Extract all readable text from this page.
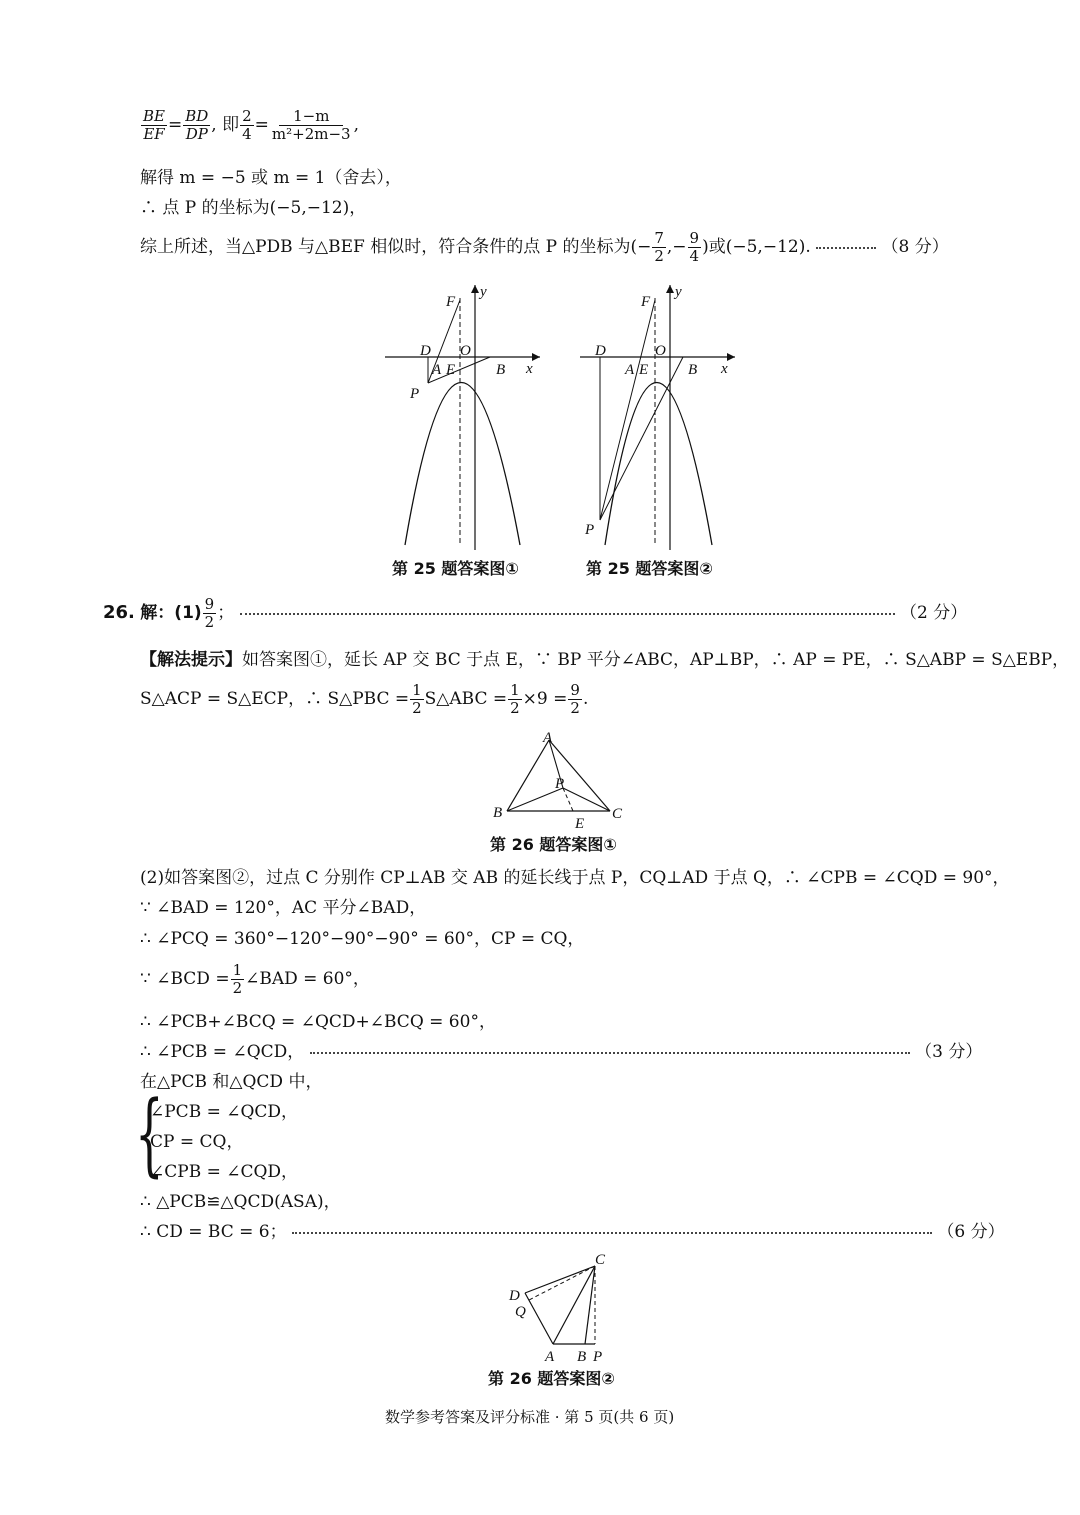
$\frac{BE}{EF} = \frac{BD}{DP}$ , 即 $\frac{2}{4} = \frac{1-m}{\text{m²+2m−3}}$ ,
解得 m = −5 或 m = 1（舍去），
∴ 点 P 的坐标为(−5,−12)，
综上所述，当△PDB 与△BEF 相似时，符合条件的点 P 的坐标为(− $\frac{7}{2}$ ,− $\frac{9}{4}$ )或(−5,−12).	（8 分）
F
y
D O
A E	B x
P
第 25 题答案图①
F
y
D	O
A E	B x
P
第 25 题答案图②
26. 解：$(1) \frac{9}{2}$ ；	（2 分）
【解法提示】如答案图①，延长 AP 交 BC 于点 E，∵ BP 平分∠ABC，AP⊥BP，∴ AP = PE，∴ S△ABP = S△EBP，
S△ACP = S△ECP，∴ S△PBC = $\frac{1}{2}$ S△ABC = $\frac{1}{2} \times 9 = \frac{9}{2}$ .
A
B	C
P
E
第 26 题答案图①
(2)如答案图②，过点 C 分别作 CP⊥AB 交 AB 的延长线于点 P，CQ⊥AD 于点 Q，∴ ∠CPB = ∠CQD = 90°，
∵ ∠BAD = 120°，AC 平分∠BAD，
∴ ∠PCQ = 360°−120°−90°−90° = 60°，CP = CQ，
∵ ∠BCD = $\frac{1}{2}$ ∠BAD = 60°，
∴ ∠PCB+∠BCQ = ∠QCD+∠BCQ = 60°，
∴ ∠PCB = ∠QCD，	（3 分）
在△PCB 和△QCD 中，
{
∠PCB = ∠QCD，
CP = CQ，
∠CPB = ∠CQD，
∴ △PCB≌△QCD(ASA)，
∴ CD = BC = 6；	（6 分）
C
D
Q
A B P
第 26 题答案图②
数学参考答案及评分标准 · 第 5 页(共 6 页)
